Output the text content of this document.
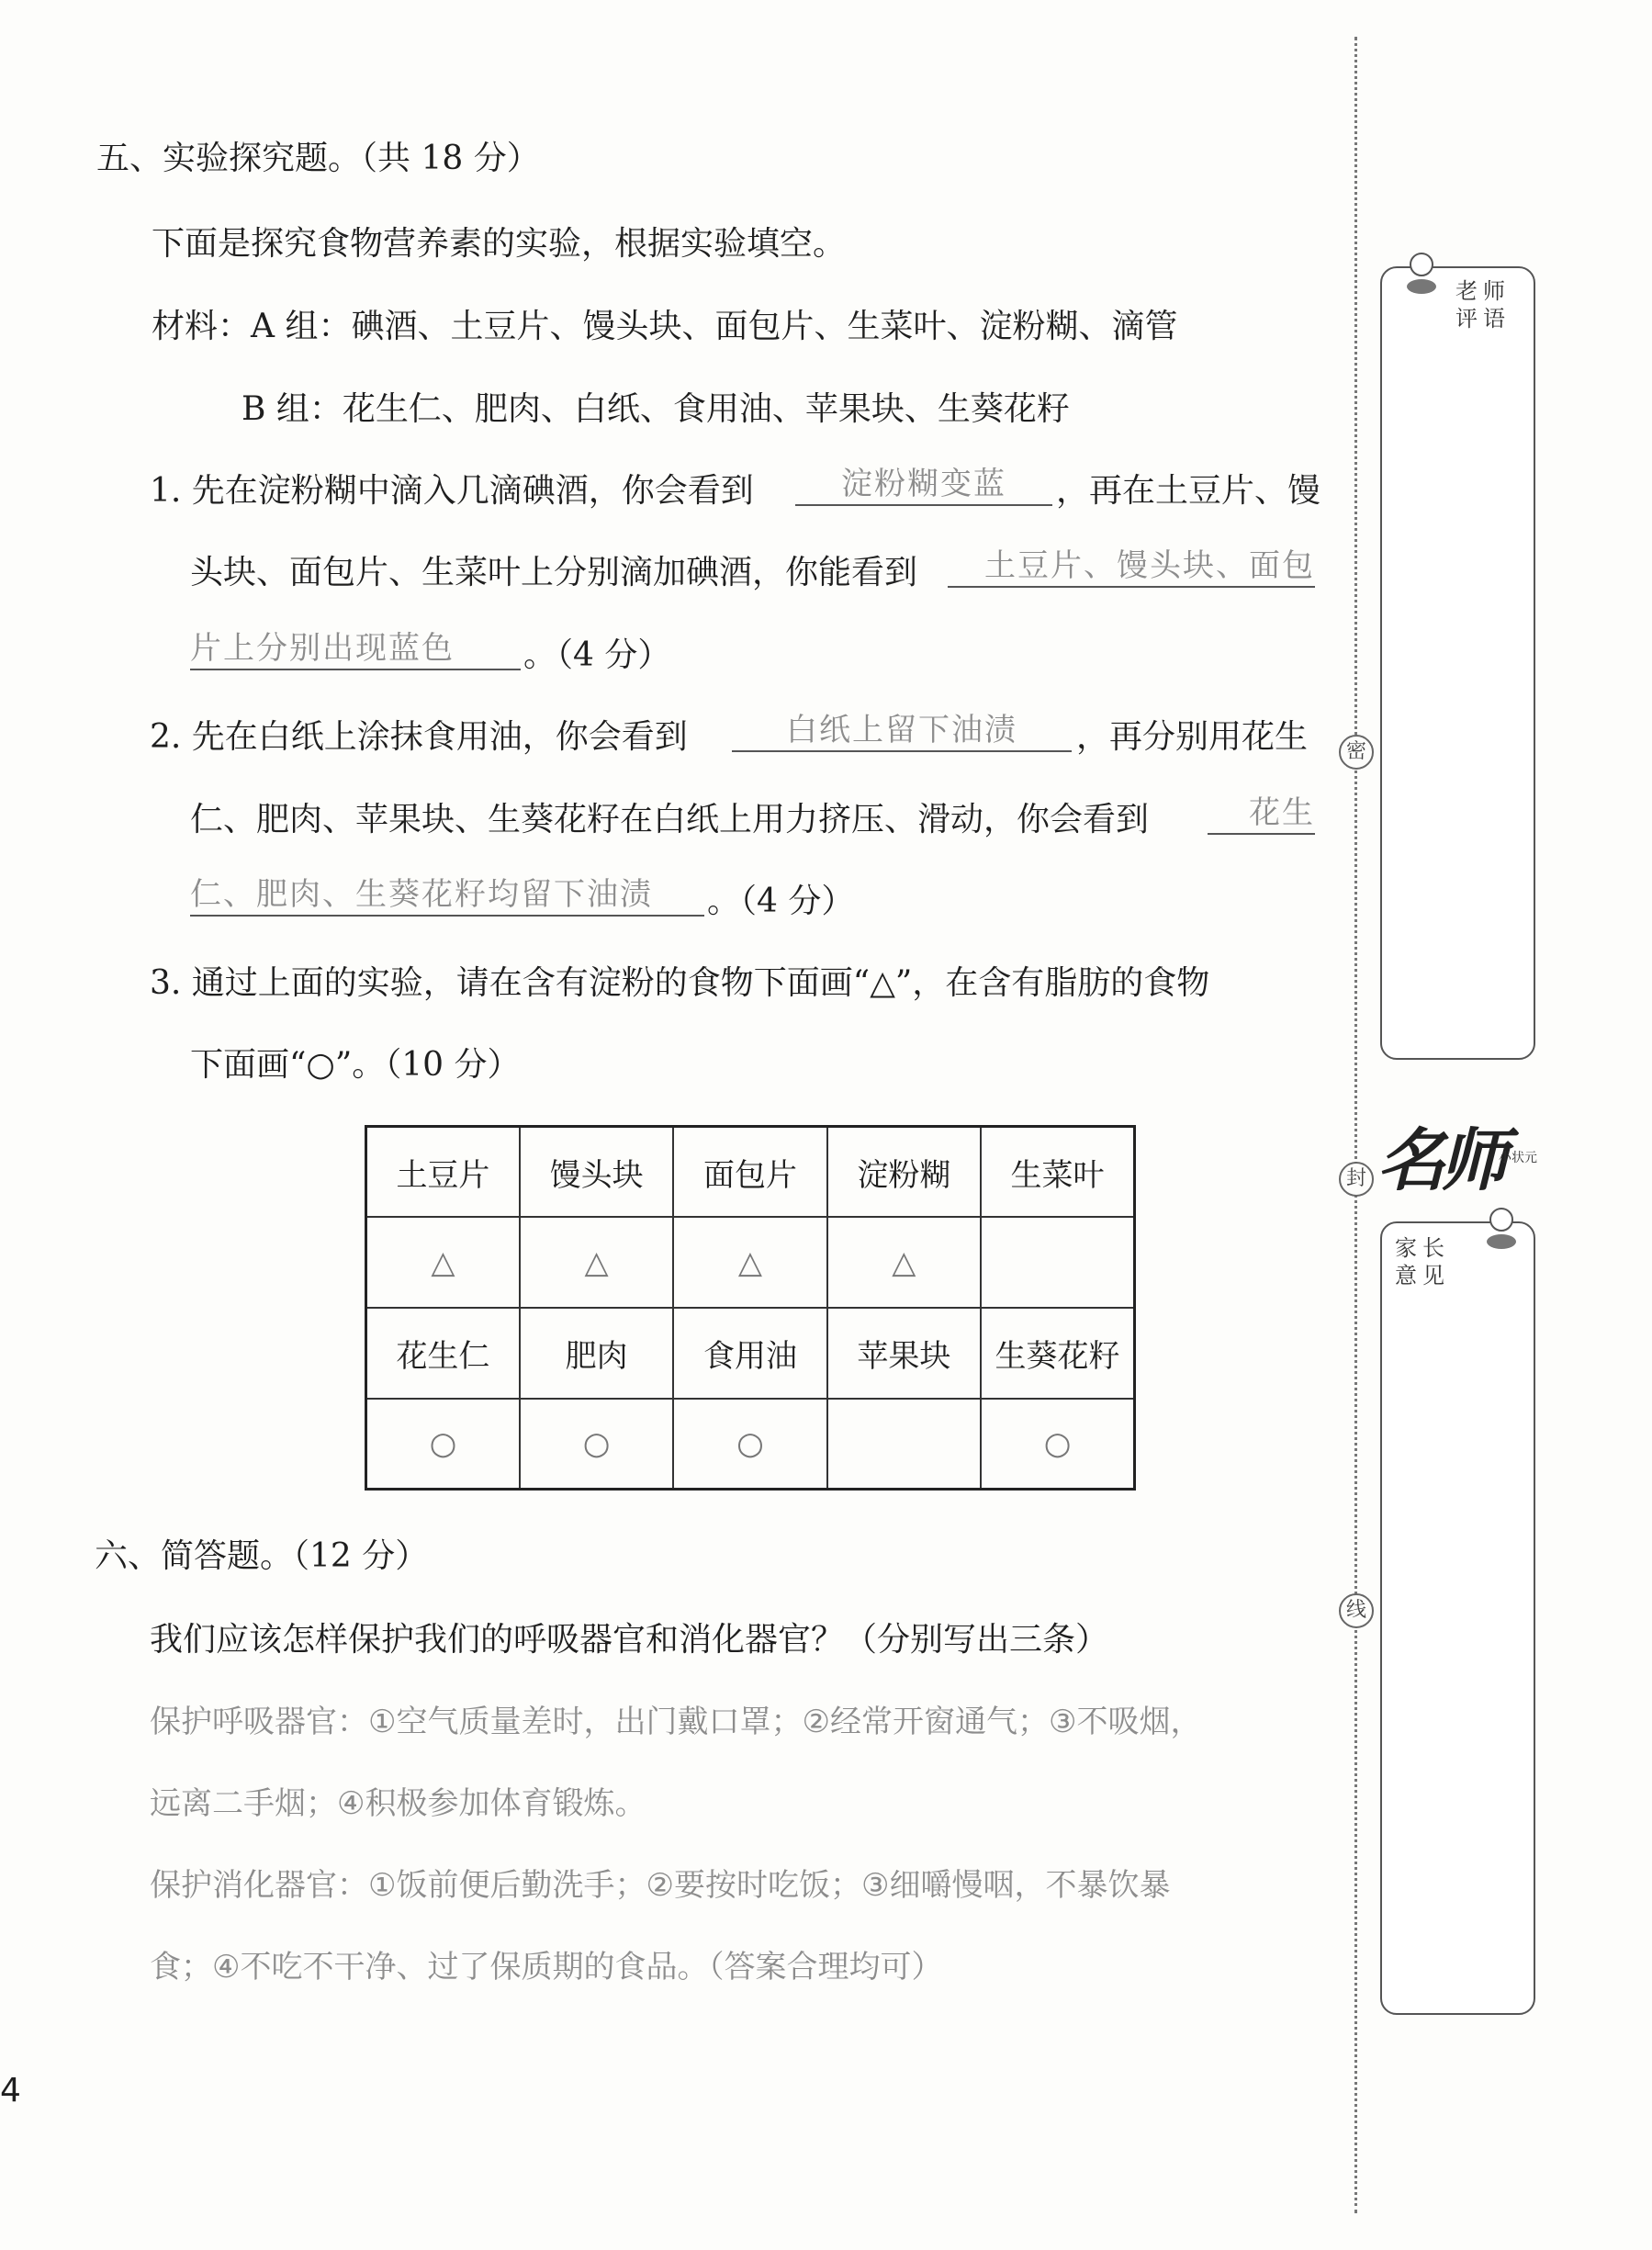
五、实验探究题。（共 18 分）
下面是探究食物营养素的实验，根据实验填空。
材料：A 组：碘酒、土豆片、馒头块、面包片、生菜叶、淀粉糊、滴管
B 组：花生仁、肥肉、白纸、食用油、苹果块、生葵花籽
1. 先在淀粉糊中滴入几滴碘酒，你会看到	淀粉糊变蓝	，再在土豆片、馒
头块、面包片、生菜叶上分别滴加碘酒，你能看到	土豆片、馒头块、面包
片上分别出现蓝色	。（4 分）
2. 先在白纸上涂抹食用油，你会看到	白纸上留下油渍	，再分别用花生
仁、肥肉、苹果块、生葵花籽在白纸上用力挤压、滑动，你会看到	花生
仁、肥肉、生葵花籽均留下油渍	。（4 分）
3. 通过上面的实验，请在含有淀粉的食物下面画“△”，在含有脂肪的食物
下面画“○”。（10 分）
土豆片	馒头块	面包片	淀粉糊	生菜叶
△	△	△	△	
花生仁	肥肉	食用油	苹果块	生葵花籽
○	○	○		○
六、简答题。（12 分）
我们应该怎样保护我们的呼吸器官和消化器官？（分别写出三条）
保护呼吸器官：①空气质量差时，出门戴口罩；②经常开窗通气；③不吸烟，
远离二手烟；④积极参加体育锻炼。
保护消化器官：①饭前便后勤洗手；②要按时吃饭；③细嚼慢咽，不暴饮暴
食；④不吃不干净、过了保质期的食品。（答案合理均可）
密
封
线
老师
评语
名师
小状元
家长
意见
4
